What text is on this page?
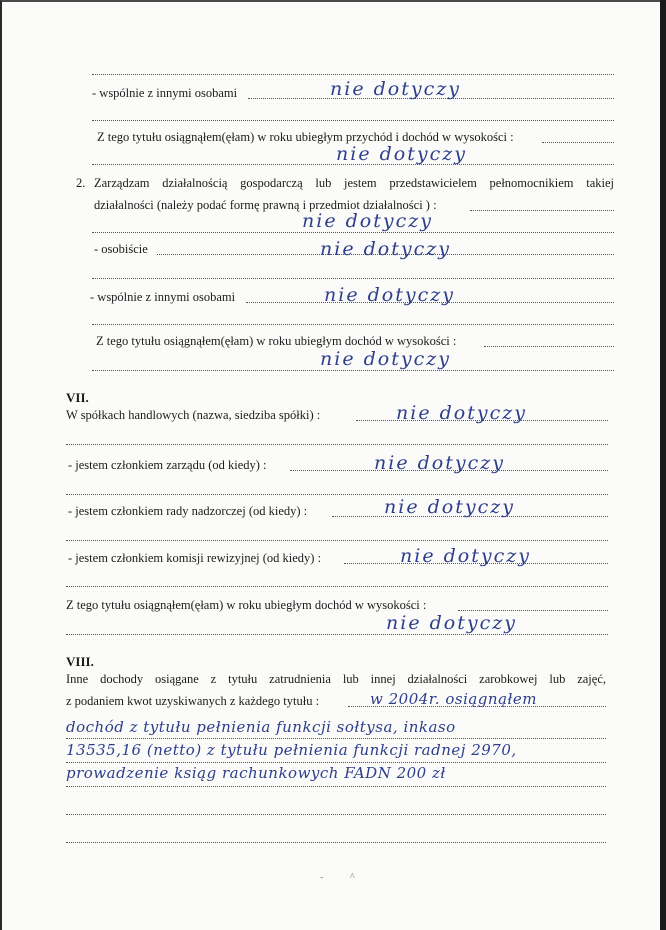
- wspólnie z innymi osobami	nie dotyczy
Z tego tytułu osiągnąłem(ęłam) w roku ubiegłym przychód i dochód w wysokości :
nie dotyczy
2. Zarządzam działalnością gospodarczą lub jestem przedstawicielem pełnomocnikiem takiej
działalności (należy podać formę prawną i przedmiot działalności ) :
nie dotyczy
- osobiście	nie dotyczy
- wspólnie z innymi osobami	nie dotyczy
Z tego tytułu osiągnąłem(ęłam) w roku ubiegłym dochód w wysokości :
nie dotyczy
VII.
W spółkach handlowych (nazwa, siedziba spółki) :	nie dotyczy
- jestem członkiem zarządu (od kiedy) :	nie dotyczy
- jestem członkiem rady nadzorczej (od kiedy) :	nie dotyczy
- jestem członkiem komisji rewizyjnej (od kiedy) :	nie dotyczy
Z tego tytułu osiągnąłem(ęłam) w roku ubiegłym dochód w wysokości :
nie dotyczy
VIII.
Inne dochody osiągane z tytułu zatrudnienia lub innej działalności zarobkowej lub zajęć,
z podaniem kwot uzyskiwanych z każdego tytułu :	w 2004r. osiągnąłem
dochód z tytułu pełnienia funkcji sołtysa, inkaso
13535,16 (netto) z tytułu pełnienia funkcji radnej 2970,
prowadzenie ksiąg rachunkowych FADN 200 zł
˜	^
